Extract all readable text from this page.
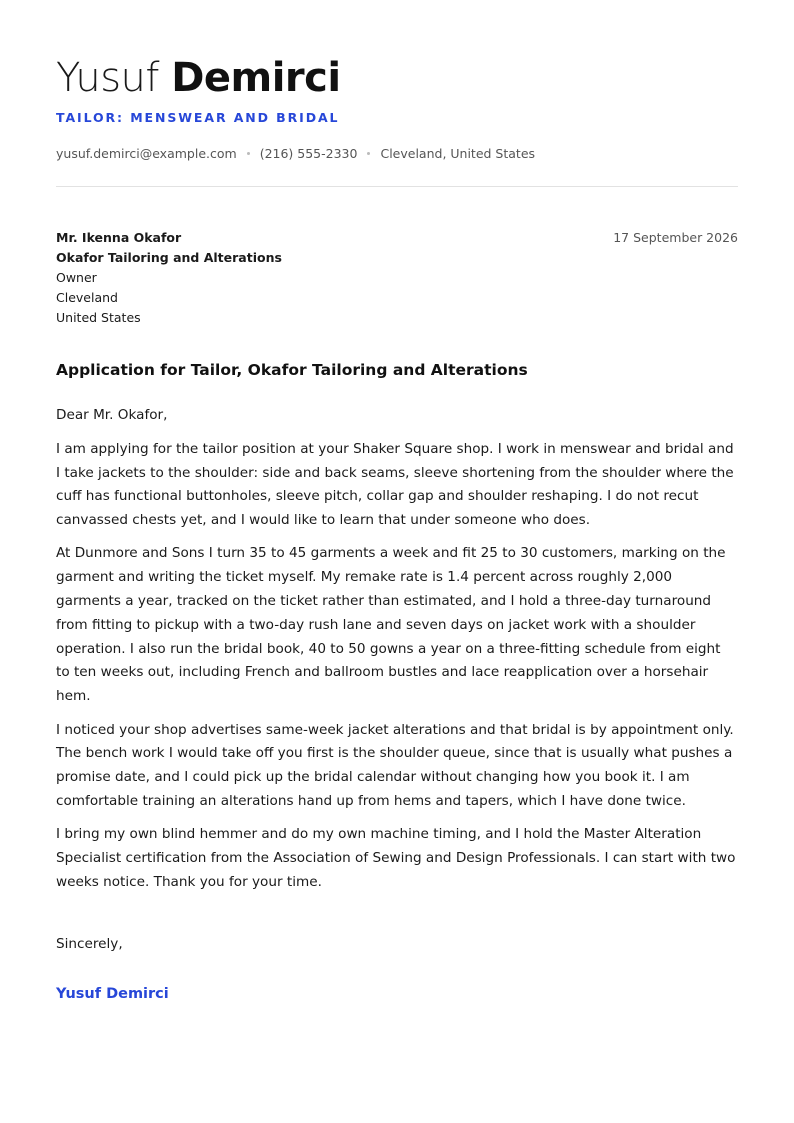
Yusuf Demirci
TAILOR: MENSWEAR AND BRIDAL
yusuf.demirci@example.com (216) 555-2330 Cleveland, United States
Mr. Ikenna Okafor
Okafor Tailoring and Alterations
Owner
Cleveland
United States
17 September 2026
Application for Tailor, Okafor Tailoring and Alterations

Dear Mr. Okafor,

I am applying for the tailor position at your Shaker Square shop. I work in menswear and bridal and I take jackets to the shoulder: side and back seams, sleeve shortening from the shoulder where the cuff has functional buttonholes, sleeve pitch, collar gap and shoulder reshaping. I do not recut canvassed chests yet, and I would like to learn that under someone who does.

At Dunmore and Sons I turn 35 to 45 garments a week and fit 25 to 30 customers, marking on the garment and writing the ticket myself. My remake rate is 1.4 percent across roughly 2,000 garments a year, tracked on the ticket rather than estimated, and I hold a three-day turnaround from fitting to pickup with a two-day rush lane and seven days on jacket work with a shoulder operation. I also run the bridal book, 40 to 50 gowns a year on a three-fitting schedule from eight to ten weeks out, including French and ballroom bustles and lace reapplication over a horsehair hem.

I noticed your shop advertises same-week jacket alterations and that bridal is by appointment only. The bench work I would take off you first is the shoulder queue, since that is usually what pushes a promise date, and I could pick up the bridal calendar without changing how you book it. I am comfortable training an alterations hand up from hems and tapers, which I have done twice.

I bring my own blind hemmer and do my own machine timing, and I hold the Master Alteration Specialist certification from the Association of Sewing and Design Professionals. I can start with two weeks notice. Thank you for your time.

Sincerely,
Yusuf Demirci
